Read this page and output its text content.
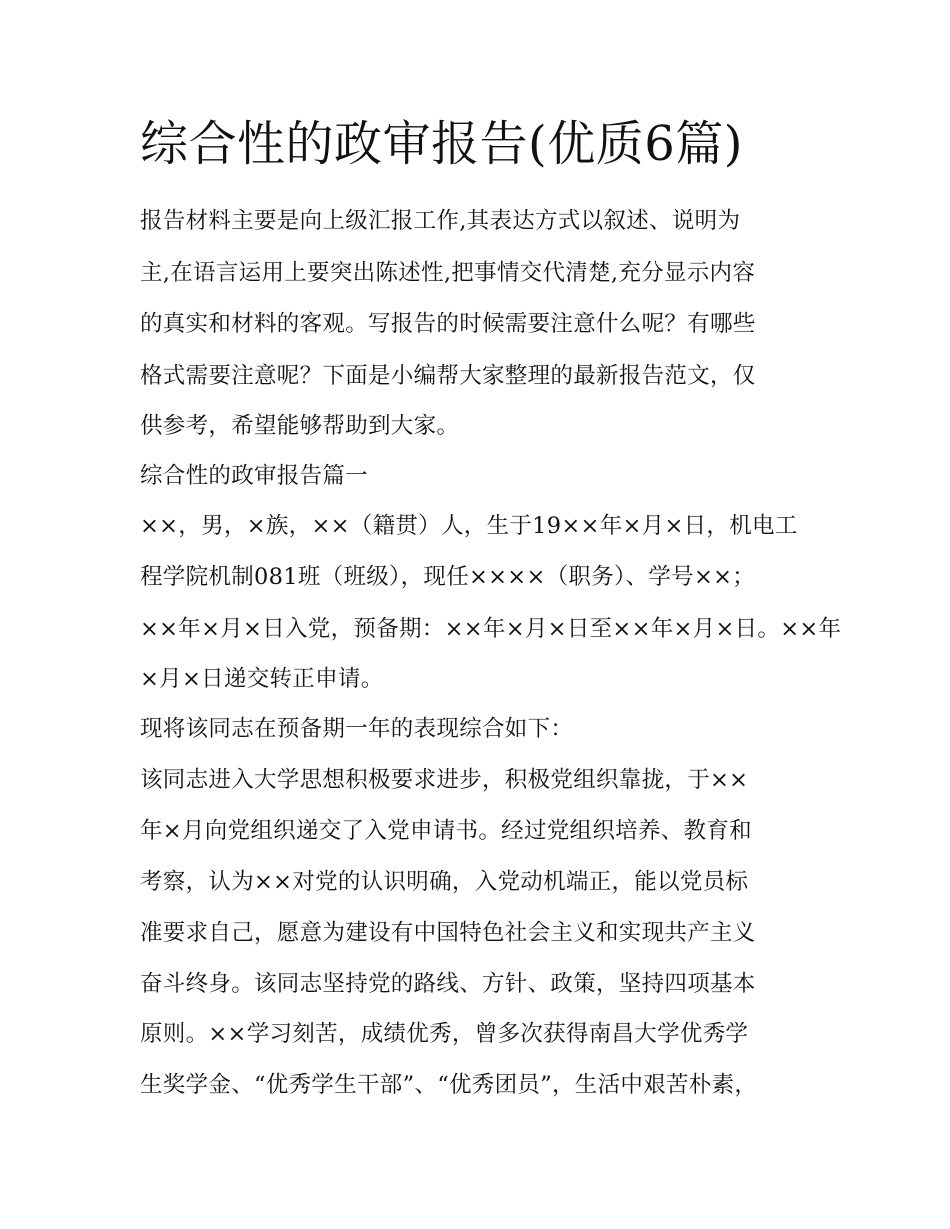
综合性的政审报告(优质6篇)
报告材料主要是向上级汇报工作,其表达方式以叙述、说明为
主,在语言运用上要突出陈述性,把事情交代清楚,充分显示内容
的真实和材料的客观。写报告的时候需要注意什么呢？有哪些
格式需要注意呢？下面是小编帮大家整理的最新报告范文，仅
供参考，希望能够帮助到大家。
综合性的政审报告篇一
××，男，×族，××（籍贯）人，生于19××年×月×日，机电工
程学院机制081班（班级），现任××××（职务）、学号××；
××年×月×日入党，预备期：××年×月×日至××年×月×日。××年
×月×日递交转正申请。
现将该同志在预备期一年的表现综合如下：
该同志进入大学思想积极要求进步，积极党组织靠拢，于××
年×月向党组织递交了入党申请书。经过党组织培养、教育和
考察，认为××对党的认识明确，入党动机端正，能以党员标
准要求自己，愿意为建设有中国特色社会主义和实现共产主义
奋斗终身。该同志坚持党的路线、方针、政策，坚持四项基本
原则。××学习刻苦，成绩优秀，曾多次获得南昌大学优秀学
生奖学金、“优秀学生干部”、“优秀团员”，生活中艰苦朴素，
